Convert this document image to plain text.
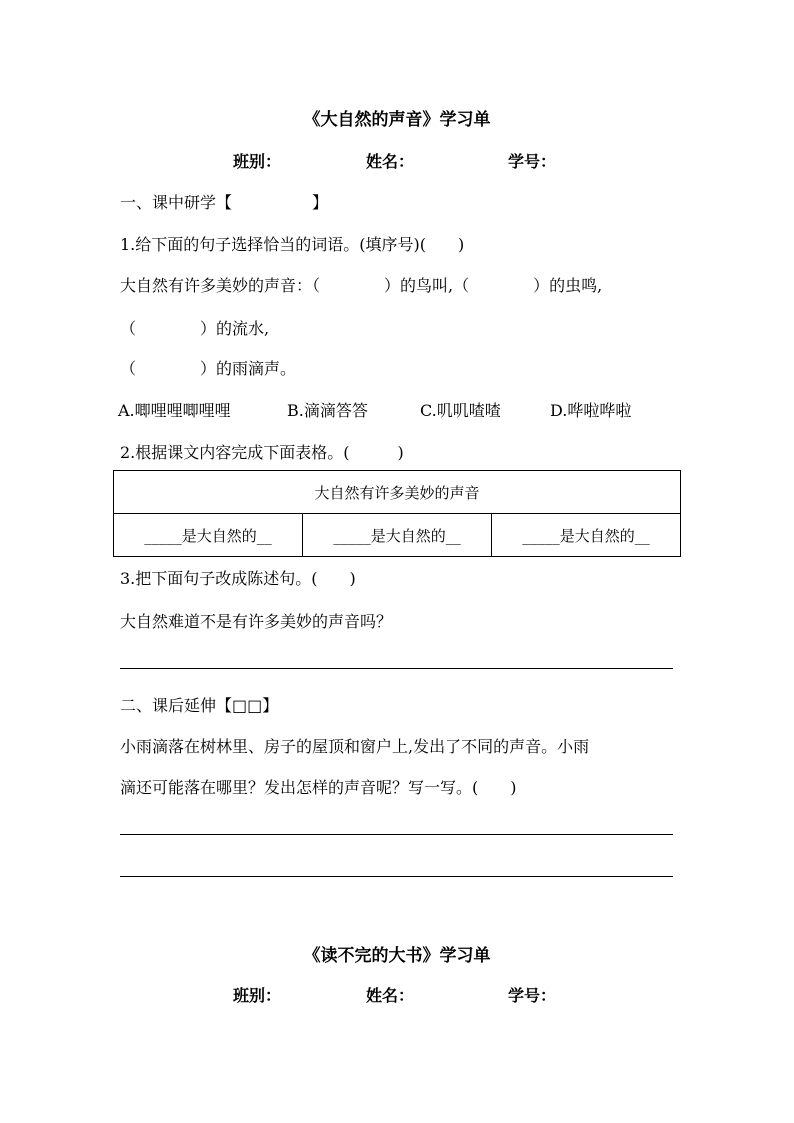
《大自然的声音》学习单
班别：	姓名：	学号：
一、课中研学【　　　　　】
1.给下面的句子选择恰当的词语。(填序号)(　　)
大自然有许多美妙的声音：（　　　　）的鸟叫,（　　　　）的虫鸣,
（　　　　）的流水,
（　　　　）的雨滴声。
A.唧哩哩唧哩哩	B.滴滴答答	C.叽叽喳喳	D.哗啦哗啦
2.根据课文内容完成下面表格。(　　　)
大自然有许多美妙的声音
_____是大自然的__	_____是大自然的__	_____是大自然的__
3.把下面句子改成陈述句。(　　)
大自然难道不是有许多美妙的声音吗？
二、课后延伸【□□】
小雨滴落在树林里、房子的屋顶和窗户上,发出了不同的声音。小雨
滴还可能落在哪里？发出怎样的声音呢？写一写。(　　)
《读不完的大书》学习单
班别：	姓名：	学号：
